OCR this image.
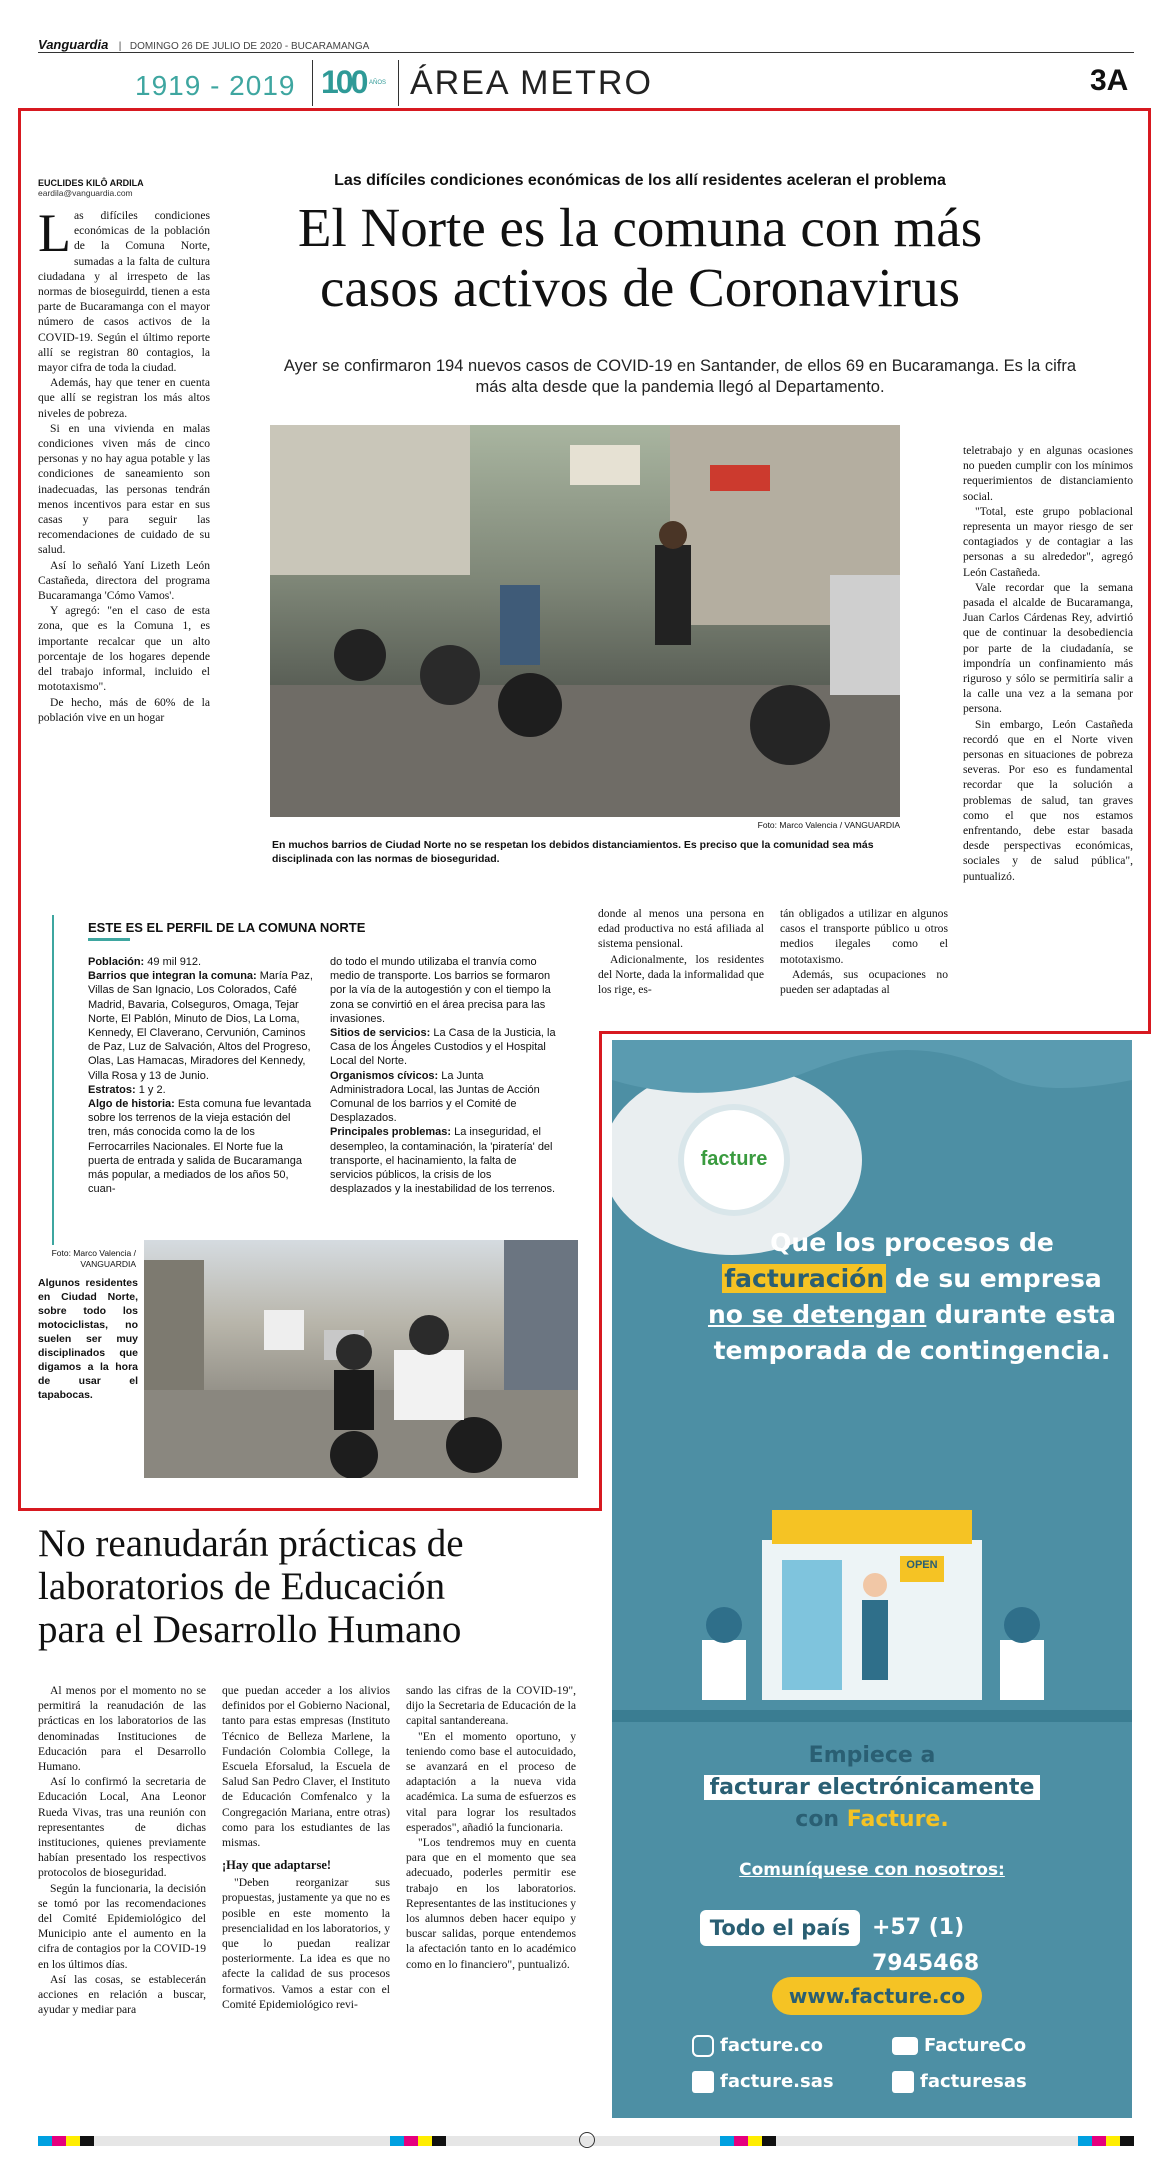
Vanguardia | DOMINGO 26 DE JULIO DE 2020 - BUCARAMANGA
1919 - 2019 100 AÑOS ÁREA METRO	3A
EUCLIDES KILÔ ARDILA
eardila@vanguardia.com
Las difíciles condiciones económicas de los allí residentes aceleran el problema
El Norte es la comuna con más
casos activos de Coronavirus
Ayer se confirmaron 194 nuevos casos de COVID-19 en Santander, de ellos 69 en Bucaramanga. Es la cifra más alta desde que la pandemia llegó al Departamento.

Las difíciles condiciones económicas de la población de la Comuna Norte, sumadas a la falta de cultura ciudadana y al irrespeto de las normas de bioseguirdd, tienen a esta parte de Bucaramanga con el mayor número de casos activos de la COVID-19. Según el último reporte allí se registran 80 contagios, la mayor cifra de toda la ciudad.

Además, hay que tener en cuenta que allí se registran los más altos niveles de pobreza.

Si en una vivienda en malas condiciones viven más de cinco personas y no hay agua potable y las condiciones de saneamiento son inadecuadas, las personas tendrán menos incentivos para estar en sus casas y para seguir las recomendaciones de cuidado de su salud.

Así lo señaló Yaní Lizeth León Castañeda, directora del programa Bucaramanga 'Cómo Vamos'.

Y agregó: "en el caso de esta zona, que es la Comuna 1, es importante recalcar que un alto porcentaje de los hogares depende del trabajo informal, incluido el mototaxismo".

De hecho, más de 60% de la población vive en un hogar

Foto: Marco Valencia / VANGUARDIA
En muchos barrios de Ciudad Norte no se respetan los debidos distanciamientos. Es preciso que la comunidad sea más disciplinada con las normas de bioseguridad.

teletrabajo y en algunas ocasiones no pueden cumplir con los mínimos requerimientos de distanciamiento social.

"Total, este grupo poblacional representa un mayor riesgo de ser contagiados y de contagiar a las personas a su alrededor", agregó León Castañeda.

Vale recordar que la semana pasada el alcalde de Bucaramanga, Juan Carlos Cárdenas Rey, advirtió que de continuar la desobediencia por parte de la ciudadanía, se impondría un confinamiento más riguroso y sólo se permitiría salir a la calle una vez a la semana por persona.

Sin embargo, León Castañeda recordó que en el Norte viven personas en situaciones de pobreza severas. Por eso es fundamental recordar que la solución a problemas de salud, tan graves como el que nos estamos enfrentando, debe estar basada desde perspectivas económicas, sociales y de salud pública", puntualizó.

donde al menos una persona en edad productiva no está afiliada al sistema pensional.

Adicionalmente, los residentes del Norte, dada la informalidad que los rige, es-

tán obligados a utilizar en algunos casos el transporte público u otros medios ilegales como el mototaxismo.

Además, sus ocupaciones no pueden ser adaptadas al

ESTE ES EL PERFIL DE LA COMUNA NORTE
Población: 49 mil 912.
Barrios que integran la comuna: María Paz, Villas de San Ignacio, Los Colorados, Café Madrid, Bavaria, Colseguros, Omaga, Tejar Norte, El Pablón, Minuto de Dios, La Loma, Kennedy, El Claverano, Cervunión, Caminos de Paz, Luz de Salvación, Altos del Progreso, Olas, Las Hamacas, Miradores del Kennedy, Villa Rosa y 13 de Junio.
Estratos: 1 y 2.
Algo de historia: Esta comuna fue levantada sobre los terrenos de la vieja estación del tren, más conocida como la de los Ferrocarriles Nacionales. El Norte fue la puerta de entrada y salida de Bucaramanga más popular, a mediados de los años 50, cuan-
do todo el mundo utilizaba el tranvía como medio de transporte. Los barrios se formaron por la vía de la autogestión y con el tiempo la zona se convirtió en el área precisa para las invasiones.
Sitios de servicios: La Casa de la Justicia, la Casa de los Ángeles Custodios y el Hospital Local del Norte.
Organismos cívicos: La Junta Administradora Local, las Juntas de Acción Comunal de los barrios y el Comité de Desplazados.
Principales problemas: La inseguridad, el desempleo, la contaminación, la 'piratería' del transporte, el hacinamiento, la falta de servicios públicos, la crisis de los desplazados y la inestabilidad de los terrenos.
Foto: Marco Valencia / VANGUARDIA
Algunos residentes en Ciudad Norte, sobre todo los motociclistas, no suelen ser muy disciplinados que digamos a la hora de usar el tapabocas.
No reanudarán prácticas de
laboratorios de Educación
para el Desarrollo Humano

Al menos por el momento no se permitirá la reanudación de las prácticas en los laboratorios de las denominadas Instituciones de Educación para el Desarrollo Humano.

Así lo confirmó la secretaria de Educación Local, Ana Leonor Rueda Vivas, tras una reunión con representantes de dichas instituciones, quienes previamente habían presentado los respectivos protocolos de bioseguridad.

Según la funcionaria, la decisión se tomó por las recomendaciones del Comité Epidemiológico del Municipio ante el aumento en la cifra de contagios por la COVID-19 en los últimos días.

Así las cosas, se establecerán acciones en relación a buscar, ayudar y mediar para

que puedan acceder a los alivios definidos por el Gobierno Nacional, tanto para estas empresas (Instituto Técnico de Belleza Marlene, la Fundación Colombia College, la Escuela Eforsalud, la Escuela de Salud San Pedro Claver, el Instituto de Educación Comfenalco y la Congregación Mariana, entre otras) como para los estudiantes de las mismas.

¡Hay que adaptarse!

"Deben reorganizar sus propuestas, justamente ya que no es posible en este momento la presencialidad en los laboratorios, y que lo puedan realizar posteriormente. La idea es que no afecte la calidad de sus procesos formativos. Vamos a estar con el Comité Epidemiológico revi-

sando las cifras de la COVID-19", dijo la Secretaria de Educación de la capital santandereana.

"En el momento oportuno, y teniendo como base el autocuidado, se avanzará en el proceso de adaptación a la nueva vida académica. La suma de esfuerzos es vital para lograr los resultados esperados", añadió la funcionaria.

"Los tendremos muy en cuenta para que en el momento que sea adecuado, poderles permitir ese trabajo en los laboratorios. Representantes de las instituciones y los alumnos deben hacer equipo y buscar salidas, porque entendemos la afectación tanto en lo académico como en lo financiero", puntualizó.

facture
Que los procesos de
facturación de su empresa
no se detengan durante esta
temporada de contingencia.
OPEN
Empiece a
facturar electrónicamente
con Facture.
Comuníquese con nosotros:
Todo el país +57 (1) 7945468
www.facture.co
facture.co	FactureCo
facture.sas	facturesas
